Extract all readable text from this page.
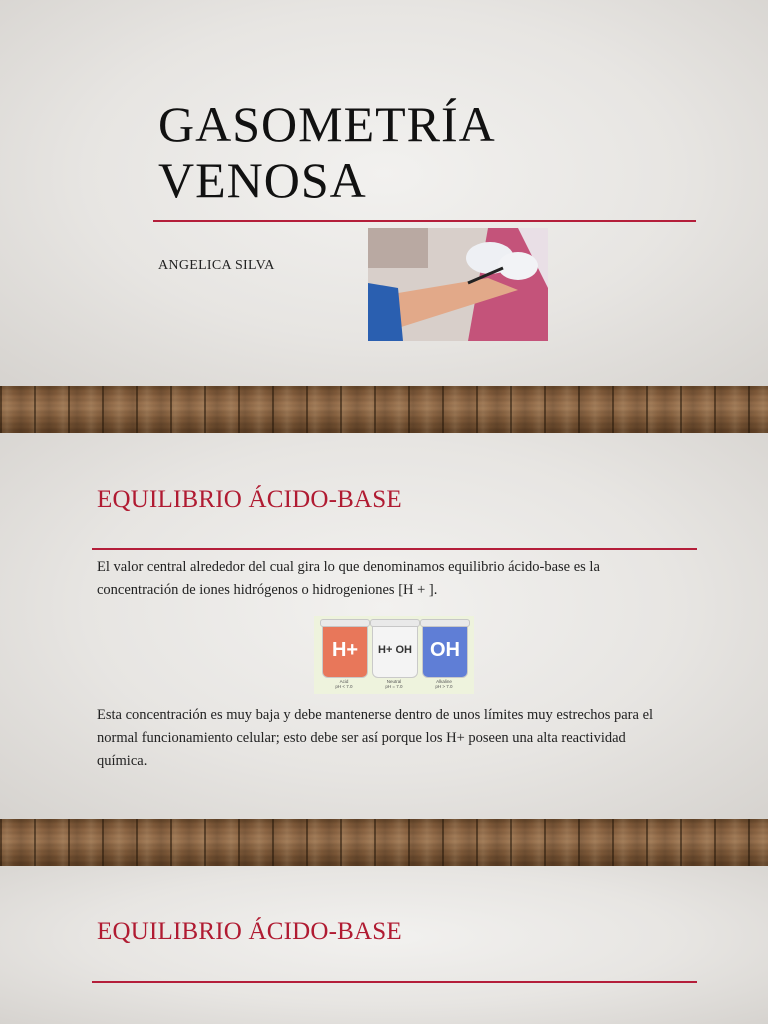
GASOMETRÍA VENOSA
ANGELICA SILVA
EQUILIBRIO ÁCIDO-BASE

El valor central alrededor del cual gira lo que denominamos equilibrio ácido-base es la concentración de iones hidrógenos o hidrogeniones [H + ].

H+ H+ OH OH
Acid
pH < 7.0
Neutral
pH = 7.0
Alkaline
pH > 7.0

Esta concentración es muy baja y debe mantenerse dentro de unos límites muy estrechos para el normal funcionamiento celular; esto debe ser así porque los H+ poseen una alta reactividad química.

EQUILIBRIO ÁCIDO-BASE
